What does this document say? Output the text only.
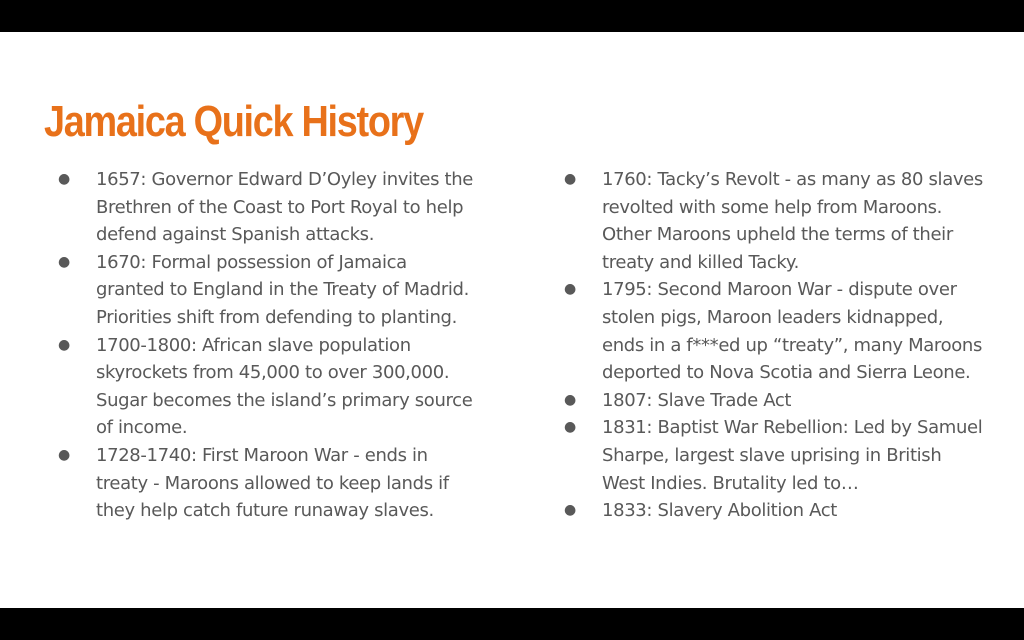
Jamaica Quick History
● 1657: Governor Edward D’Oyley invites the Brethren of the Coast to Port Royal to help defend against Spanish attacks.
● 1670: Formal possession of Jamaica granted to England in the Treaty of Madrid. Priorities shift from defending to planting.
● 1700-1800: African slave population skyrockets from 45,000 to over 300,000. Sugar becomes the island’s primary source of income.
● 1728-1740: First Maroon War - ends in treaty - Maroons allowed to keep lands if they help catch future runaway slaves.
● 1760: Tacky’s Revolt - as many as 80 slaves revolted with some help from Maroons. Other Maroons upheld the terms of their treaty and killed Tacky.
● 1795: Second Maroon War - dispute over stolen pigs, Maroon leaders kidnapped, ends in a f***ed up “treaty”, many Maroons deported to Nova Scotia and Sierra Leone.
● 1807: Slave Trade Act
● 1831: Baptist War Rebellion: Led by Samuel Sharpe, largest slave uprising in British West Indies. Brutality led to…
● 1833: Slavery Abolition Act
